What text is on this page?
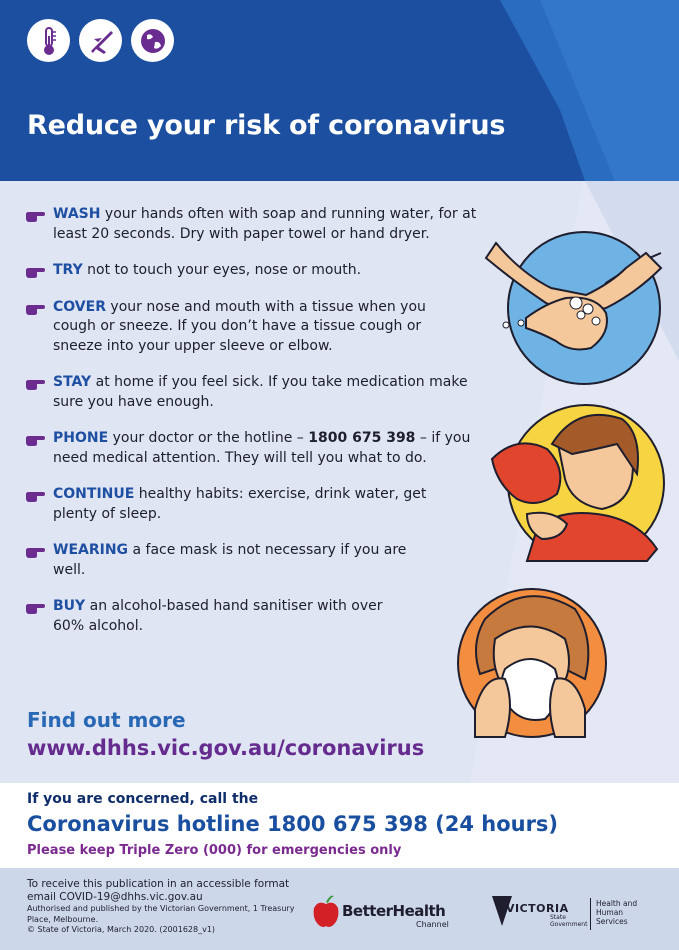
Reduce your risk of coronavirus
WASH your hands often with soap and running water, for at least 20 seconds. Dry with paper towel or hand dryer.
TRY not to touch your eyes, nose or mouth.
COVER your nose and mouth with a tissue when you cough or sneeze. If you don’t have a tissue cough or sneeze into your upper sleeve or elbow.
STAY at home if you feel sick. If you take medication make sure you have enough.
PHONE your doctor or the hotline – 1800 675 398 – if you need medical attention. They will tell you what to do.
CONTINUE healthy habits: exercise, drink water, get plenty of sleep.
WEARING a face mask is not necessary if you are well.
BUY an alcohol-based hand sanitiser with over 60% alcohol.
Find out more
www.dhhs.vic.gov.au/coronavirus
If you are concerned, call the
Coronavirus hotline 1800 675 398 (24 hours)
Please keep Triple Zero (000) for emergencies only
To receive this publication in an accessible format email COVID-19@dhhs.vic.gov.au
Authorised and published by the Victorian Government, 1 Treasury Place, Melbourne.
© State of Victoria, March 2020. (2001628_v1)
BetterHealth
Channel
VICTORIA
State Government
Health and Human Services
